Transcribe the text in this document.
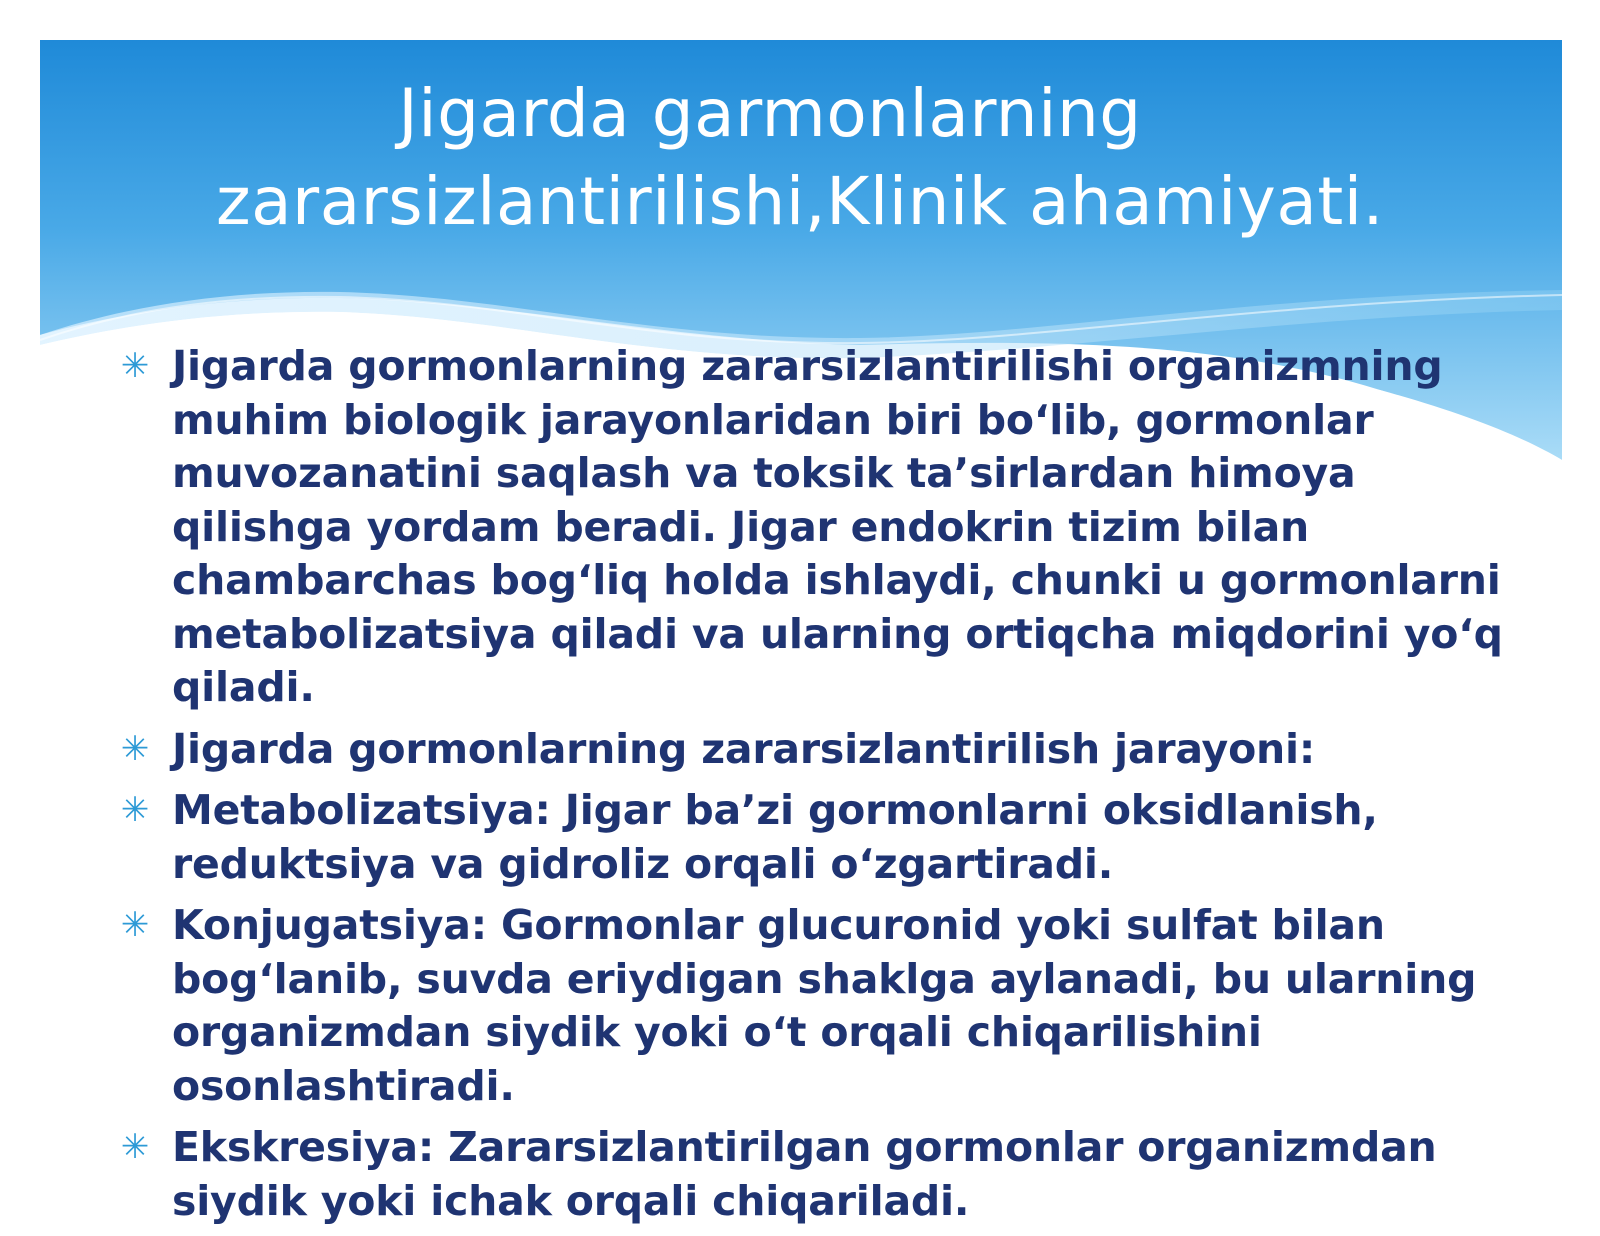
Jigarda garmonlarning
zararsizlantirilishi,Klinik ahamiyati.
✳ Jigarda gormonlarning zararsizlantirilishi organizmning muhim biologik jarayonlaridan biri boʻlib, gormonlar muvozanatini saqlash va toksik taʼsirlardan himoya qilishga yordam beradi. Jigar endokrin tizim bilan chambarchas bogʻliq holda ishlaydi, chunki u gormonlarni metabolizatsiya qiladi va ularning ortiqcha miqdorini yoʻq qiladi.
✳ Jigarda gormonlarning zararsizlantirilish jarayoni:
✳ Metabolizatsiya: Jigar baʼzi gormonlarni oksidlanish, reduktsiya va gidroliz orqali oʻzgartiradi.
✳ Konjugatsiya: Gormonlar glucuronid yoki sulfat bilan bogʻlanib, suvda eriydigan shaklga aylanadi, bu ularning organizmdan siydik yoki oʻt orqali chiqarilishini osonlashtiradi.
✳ Ekskresiya: Zararsizlantirilgan gormonlar organizmdan siydik yoki ichak orqali chiqariladi.
